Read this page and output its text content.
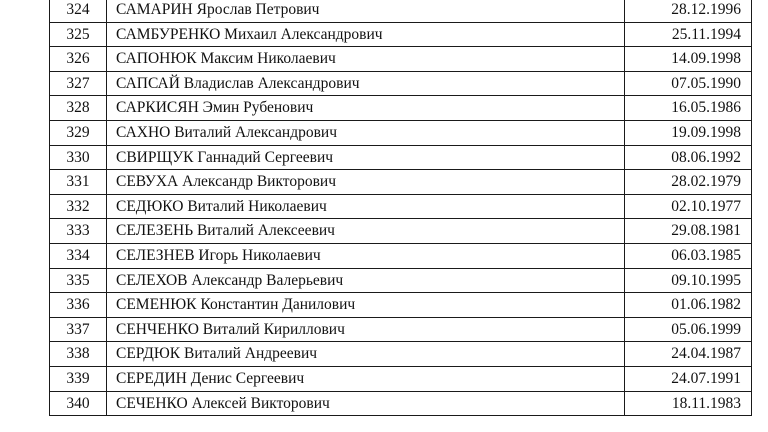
324	САМАРИН Ярослав Петрович	28.12.1996
325	САМБУРЕНКО Михаил Александрович	25.11.1994
326	САПОНЮК Максим Николаевич	14.09.1998
327	САПСАЙ Владислав Александрович	07.05.1990
328	САРКИСЯН Эмин Рубенович	16.05.1986
329	САХНО Виталий Александрович	19.09.1998
330	СВИРЩУК Ганнадий Сергеевич	08.06.1992
331	СЕВУХА Александр Викторович	28.02.1979
332	СЕДЮКО Виталий Николаевич	02.10.1977
333	СЕЛЕЗЕНЬ Виталий Алексеевич	29.08.1981
334	СЕЛЕЗНЕВ Игорь Николаевич	06.03.1985
335	СЕЛЕХОВ Александр Валерьевич	09.10.1995
336	СЕМЕНЮК Константин Данилович	01.06.1982
337	СЕНЧЕНКО Виталий Кириллович	05.06.1999
338	СЕРДЮК Виталий Андреевич	24.04.1987
339	СЕРЕДИН Денис Сергеевич	24.07.1991
340	СЕЧЕНКО Алексей Викторович	18.11.1983
